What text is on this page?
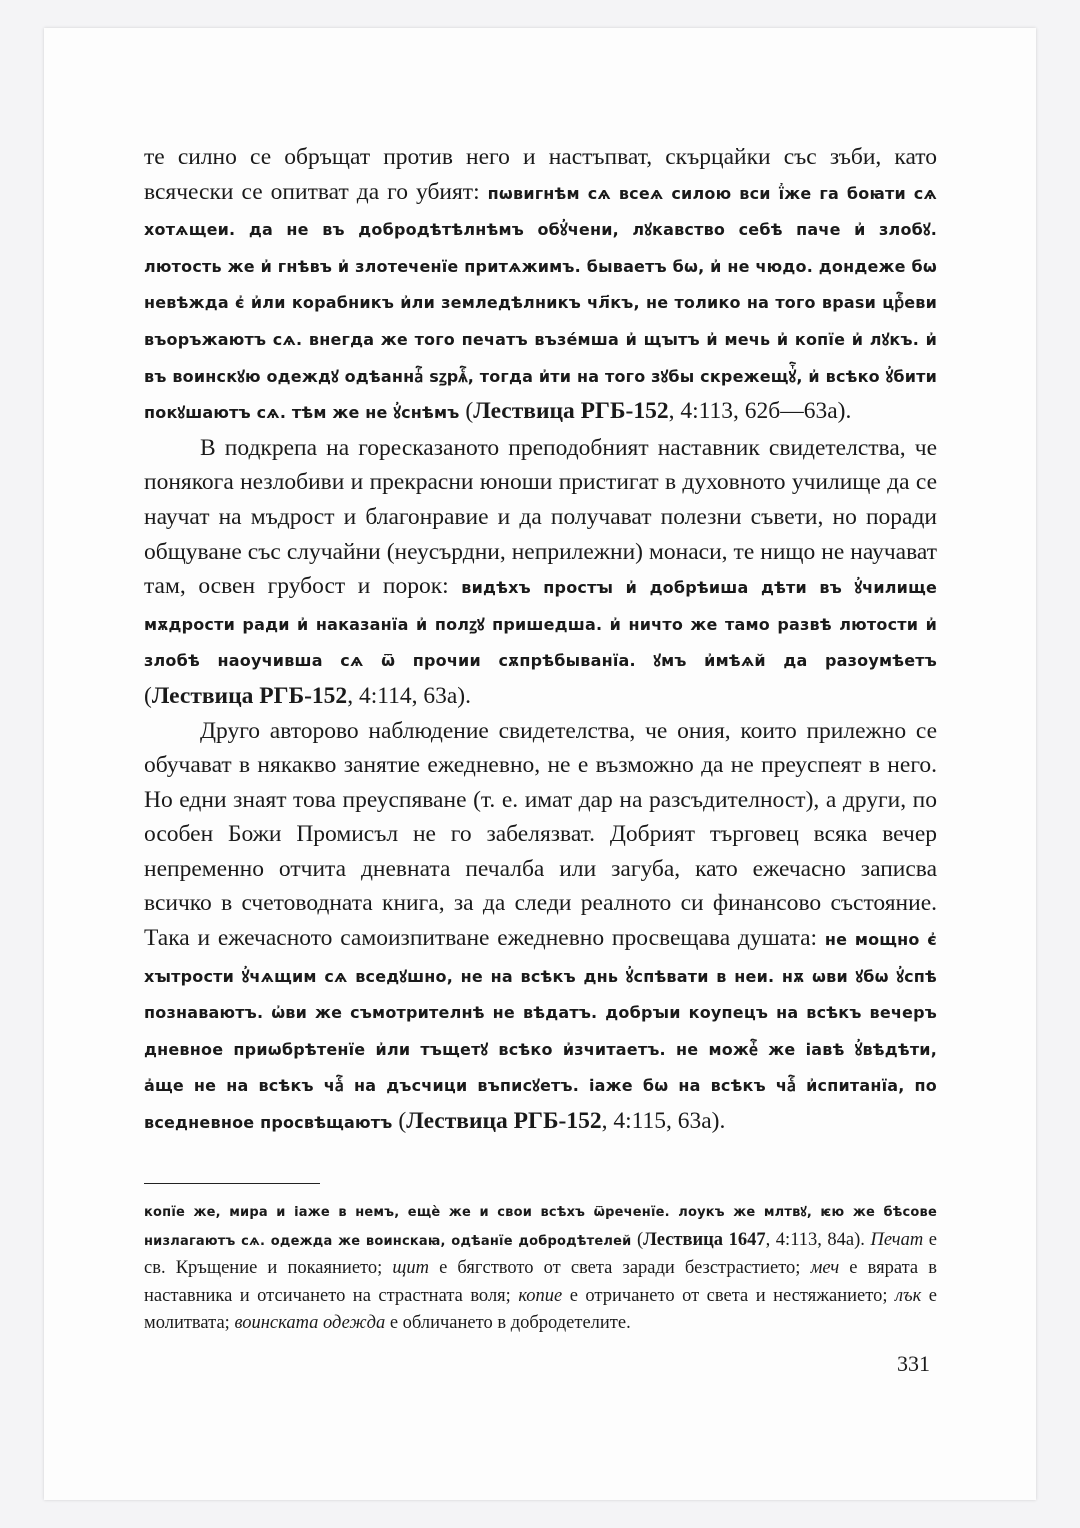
те силно се обръщат против него и настъпват, скърцайки със зъби, като всячески се опитват да го убият: пѡвигнѣм сѧ всеѧ силою вси ї҆же га боꙗти сѧ хотѧщеи. да не въ добродѣтѣлнѣмъ обꙋ҆чени, лꙋкавство себѣ паче и҆ злобꙋ. лютость же и҆ гнѣвъ и҆ злотеченїе притѧжимъ. бываетъ бѡ, и҆ не чюдо. дондеже бѡ невѣжда є҆ и҆ли корабникъ и҆ли земледѣлникъ чл҃къ, не толико на того враѕи црⷭ҇еви въоръжаютъ сѧ. внегда же того печатъ възе́мша и҆ щꙑтъ и҆ мечь и҆ копїе и҆ лꙋкъ. и҆ въ воинскꙋю одеждꙋ одѣаннаⷢ҇ ѕꙁрѧⷭ҇, тогда и҆ти на того зꙋбы скрежещꙋⷮ҇, и҆ всѣко ꙋ҆бити покꙋшаютъ сѧ. тѣм же не ꙋ҆снѣмъ (Лествица РГБ-152, 4:113, 62б—63а).

В подкрепа на горесказаното преподобният наставник свидетелства, че понякога незлобиви и прекрасни юноши пристигат в духовното училище да се научат на мъдрост и благонравие и да получават полезни съвети, но поради общуване със случайни (неусърдни, неприлежни) монаси, те нищо не научават там, освен грубост и порок: видѣхъ простꙑ и҆ добрѣиша дѣти въ ꙋ҆чилище мѫдрости ради и҆ наказанїа и҆ полꙁꙋ пришедша. и҆ ничто же тамо развѣ лютости и҆ злобѣ наоучивша сѧ ѿ прочии сѫпрѣбыванїа. ꙋмъ и҆мѣѧй да разоумѣетъ (Лествица РГБ-152, 4:114, 63а).

Друго авторово наблюдение свидетелства, че ония, които прилежно се обучават в някакво занятие ежедневно, не е възможно да не преуспеят в него. Но едни знаят това преуспяване (т. е. имат дар на разсъдителност), а други, по особен Божи Промисъл не го забелязват. Добрият търговец всяка вечер непременно отчита дневната печалба или загуба, като ежечасно записва всичко в счетоводната книга, за да следи реалното си финансово състояние. Така и ежечасното самоизпитване ежедневно просвещава душата: не мощно є҆ хꙑтрости ꙋ҆чѧщим сѧ вседꙋшно, не на всѣкъ днь ꙋ҆спѣвати в неи. нѫ ѡви ꙋбѡ ꙋ҆спѣ познаваютъ. ѡ҆ви же съмотрителнѣ не вѣдатъ. добрꙑи коупецъ на всѣкъ вечеръ дневное приѡбрѣтенїе и҆ли тъщетꙋ всѣко и҆зчитаетъ. не можеⷮ҇ же іавѣ ꙋ҆вѣдѣти, а҆ще не на всѣкъ чаⷭ҇ на дъсчици въписꙋетъ. іаже бѡ на всѣкъ чаⷭ҇ и҆спитанїа, по вседневное просвѣщаютъ (Лествица РГБ-152, 4:115, 63а).

копїе же, мира и іаже в немъ, ещѐ же и свои всѣхъ ѿреченїе. лоукъ же млтвꙋ, ѥю же бѣсове низлагаютъ сѧ. одежда же воинскаꙗ, одѣанїе добродѣтелей (Лествица 1647, 4:113, 84а). Печат е св. Кръщение и покаянието; щит е бягството от света заради безстрастието; меч е вярата в наставника и отсичането на страстната воля; копие е отричането от света и нестяжанието; лък е молитвата; воинската одежда е обличането в добродетелите.

331
